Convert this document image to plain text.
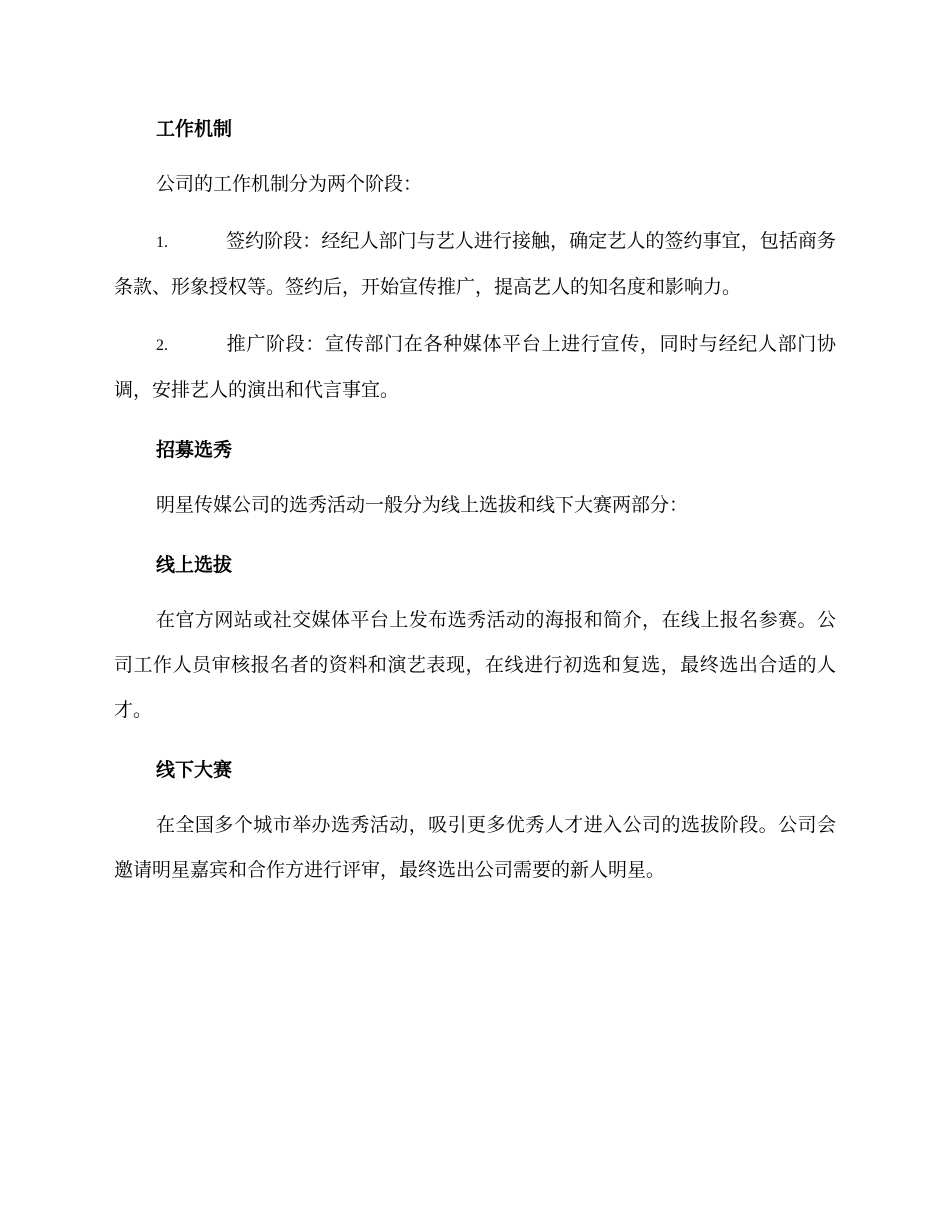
工作机制

公司的工作机制分为两个阶段：

1.	签约阶段：经纪人部门与艺人进行接触，确定艺人的签约事宜，包括商务条款、形象授权等。签约后，开始宣传推广，提高艺人的知名度和影响力。

2.	推广阶段：宣传部门在各种媒体平台上进行宣传，同时与经纪人部门协调，安排艺人的演出和代言事宜。

招募选秀

明星传媒公司的选秀活动一般分为线上选拔和线下大赛两部分：

线上选拔

在官方网站或社交媒体平台上发布选秀活动的海报和简介，在线上报名参赛。公司工作人员审核报名者的资料和演艺表现，在线进行初选和复选，最终选出合适的人才。

线下大赛

在全国多个城市举办选秀活动，吸引更多优秀人才进入公司的选拔阶段。公司会邀请明星嘉宾和合作方进行评审，最终选出公司需要的新人明星。
